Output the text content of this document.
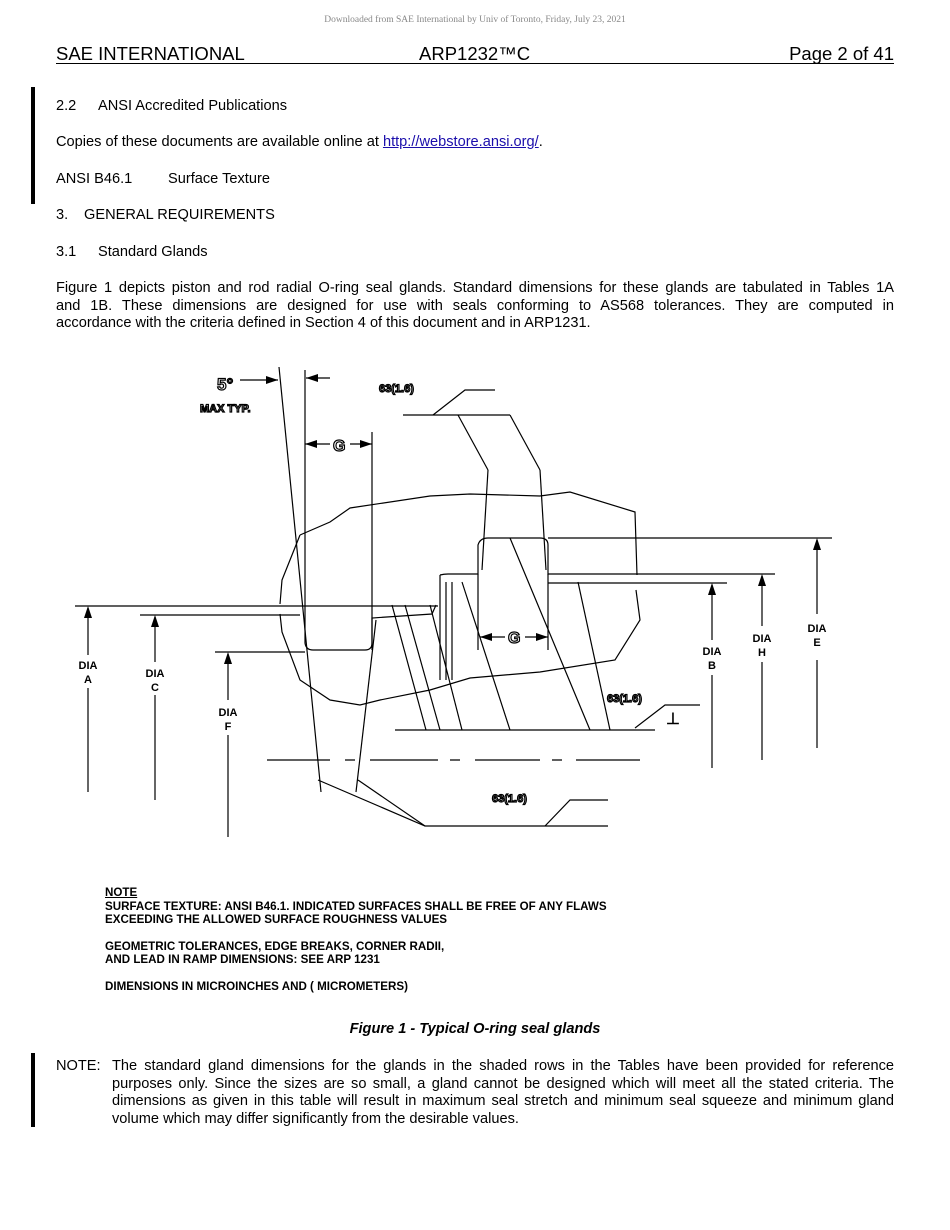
Downloaded from SAE International by Univ of Toronto, Friday, July 23, 2021
SAE INTERNATIONAL	ARP1232™C	Page 2 of 41
2.2 ANSI Accredited Publications
Copies of these documents are available online at http://webstore.ansi.org/.
ANSI B46.1 Surface Texture
3. GENERAL REQUIREMENTS
3.1 Standard Glands
Figure 1 depicts piston and rod radial O-ring seal glands. Standard dimensions for these glands are tabulated in Tables 1A
and 1B. These dimensions are designed for use with seals conforming to AS568 tolerances. They are computed in
accordance with the criteria defined in Section 4 of this document and in ARP1231.
5°
MAX TYP.
G
G
63(1.6)
63(1.6)
63(1.6)
⊥
DIA
A	DIA
C
DIA
F
DIA
B
DIA
H
DIA
E
NOTE
SURFACE TEXTURE: ANSI B46.1. INDICATED SURFACES SHALL BE FREE OF ANY FLAWS
EXCEEDING THE ALLOWED SURFACE ROUGHNESS VALUES
GEOMETRIC TOLERANCES, EDGE BREAKS, CORNER RADII,
AND LEAD IN RAMP DIMENSIONS: SEE ARP 1231
DIMENSIONS IN MICROINCHES AND ( MICROMETERS)
Figure 1 - Typical O-ring seal glands
NOTE: The standard gland dimensions for the glands in the shaded rows in the Tables have been provided for reference
purposes only. Since the sizes are so small, a gland cannot be designed which will meet all the stated criteria. The
dimensions as given in this table will result in maximum seal stretch and minimum seal squeeze and minimum gland
volume which may differ significantly from the desirable values.
